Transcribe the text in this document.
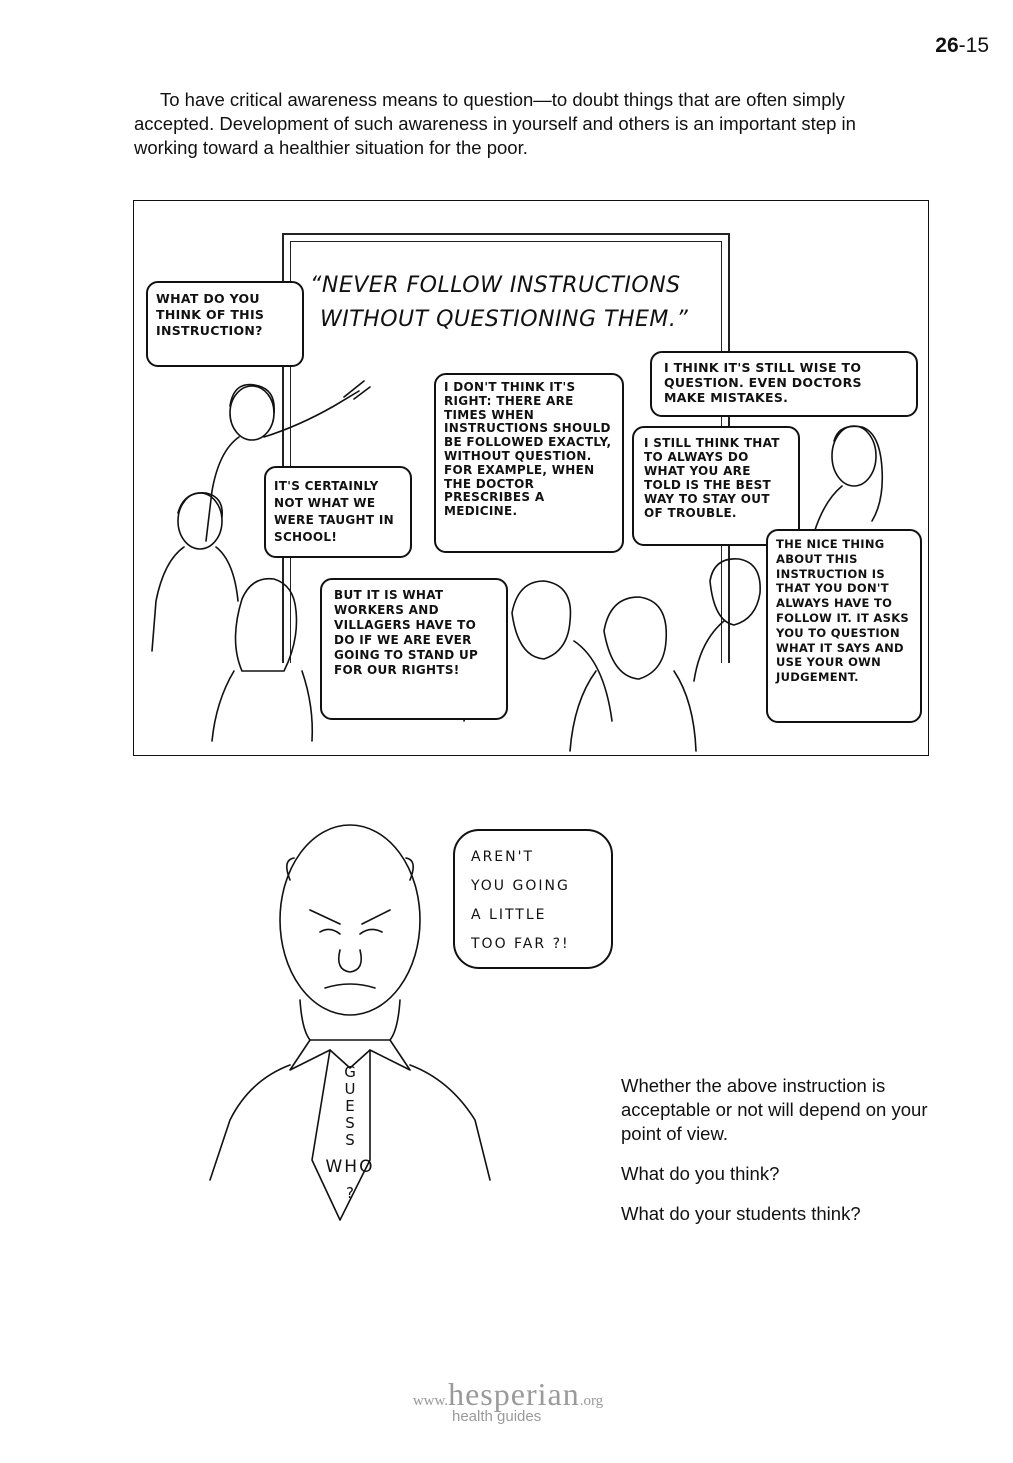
26-15

To have critical awareness means to question—to doubt things that are often simply accepted. Development of such awareness in yourself and others is an important step in working toward a healthier situation for the poor.

“NEVER FOLLOW INSTRUCTIONS
WITHOUT QUESTIONING THEM.”
WHAT DO YOU THINK OF THIS INSTRUCTION?
IT'S CERTAINLY NOT WHAT WE WERE TAUGHT IN SCHOOL!
I DON'T THINK IT'S RIGHT: THERE ARE TIMES WHEN INSTRUCTIONS SHOULD BE FOLLOWED EXACTLY, WITHOUT QUESTION. FOR EXAMPLE, WHEN THE DOCTOR PRESCRIBES A MEDICINE.
I THINK IT'S STILL WISE TO QUESTION. EVEN DOCTORS MAKE MISTAKES.
I STILL THINK THAT TO ALWAYS DO WHAT YOU ARE TOLD IS THE BEST WAY TO STAY OUT OF TROUBLE.
BUT IT IS WHAT WORKERS AND VILLAGERS HAVE TO DO IF WE ARE EVER GOING TO STAND UP FOR OUR RIGHTS!
THE NICE THING ABOUT THIS INSTRUCTION IS THAT YOU DON'T ALWAYS HAVE TO FOLLOW IT. IT ASKS YOU TO QUESTION WHAT IT SAYS AND USE YOUR OWN JUDGEMENT.
G
U
E
S
S
WHO
?
AREN'T
YOU GOING
A LITTLE
TOO FAR ?!

Whether the above instruction is acceptable or not will depend on your point of view.

What do you think?

What do your students think?

www.hesperian.org
health guides
